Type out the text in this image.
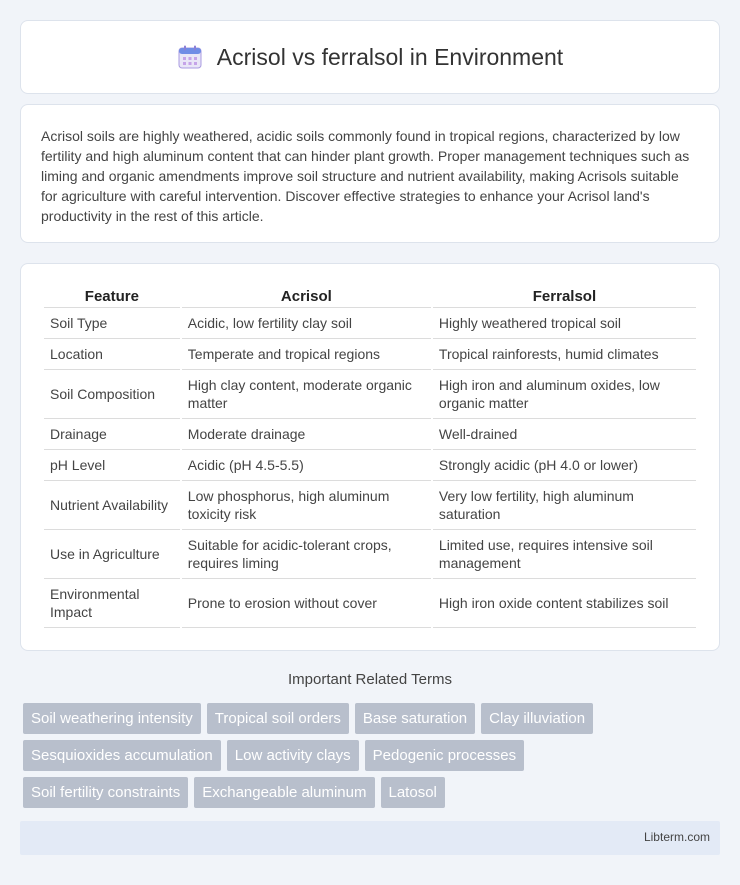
Acrisol vs ferralsol in Environment

Acrisol soils are highly weathered, acidic soils commonly found in tropical regions, characterized by low fertility and high aluminum content that can hinder plant growth. Proper management techniques such as liming and organic amendments improve soil structure and nutrient availability, making Acrisols suitable for agriculture with careful intervention. Discover effective strategies to enhance your Acrisol land's productivity in the rest of this article.

Feature	Acrisol	Ferralsol
Soil Type	Acidic, low fertility clay soil	Highly weathered tropical soil
Location	Temperate and tropical regions	Tropical rainforests, humid climates
Soil Composition	High clay content, moderate organic matter	High iron and aluminum oxides, low organic matter
Drainage	Moderate drainage	Well-drained
pH Level	Acidic (pH 4.5-5.5)	Strongly acidic (pH 4.0 or lower)
Nutrient Availability	Low phosphorus, high aluminum toxicity risk	Very low fertility, high aluminum saturation
Use in Agriculture	Suitable for acidic-tolerant crops, requires liming	Limited use, requires intensive soil management
Environmental Impact	Prone to erosion without cover	High iron oxide content stabilizes soil
Important Related Terms
Soil weathering intensity	Tropical soil orders	Base saturation	Clay illuviation
Sesquioxides accumulation	Low activity clays	Pedogenic processes
Soil fertility constraints	Exchangeable aluminum	Latosol
Libterm.com
